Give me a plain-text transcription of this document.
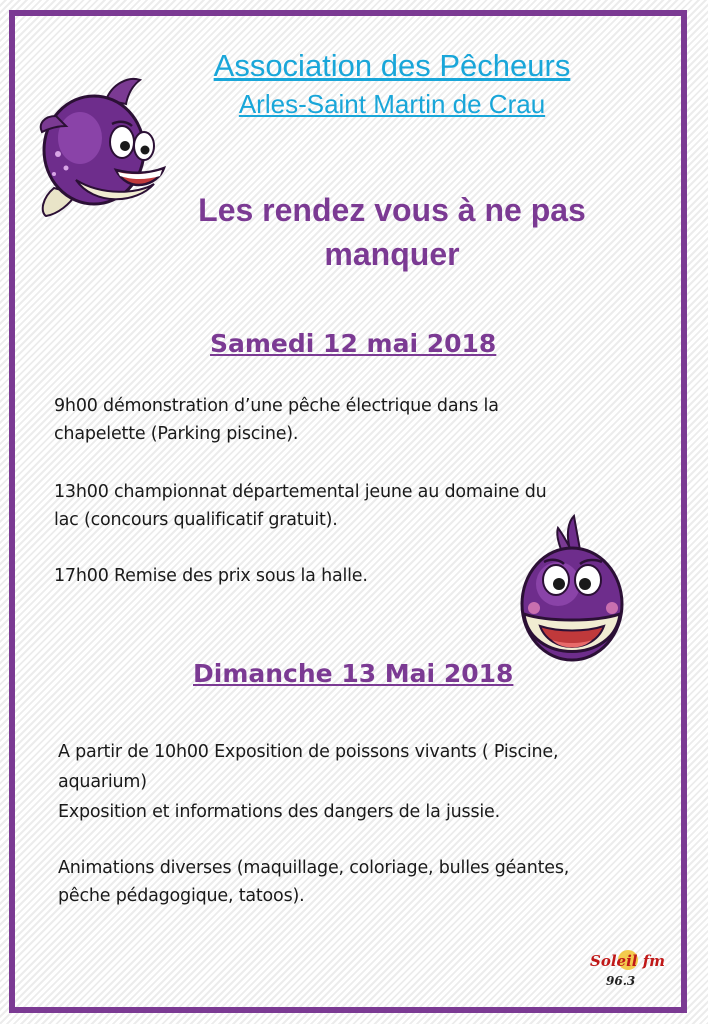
Association des Pêcheurs

Arles-Saint Martin de Crau

Les rendez vous à ne pas manquer

Samedi 12 mai 2018

9h00 démonstration d’une pêche électrique dans la

chapelette (Parking piscine).

13h00 championnat départemental jeune au domaine du

lac (concours qualificatif gratuit).

17h00 Remise des prix sous la halle.

Dimanche 13 Mai 2018

A partir de 10h00 Exposition de poissons vivants ( Piscine,

aquarium)

Exposition et informations des dangers de la jussie.

Animations diverses (maquillage, coloriage, bulles géantes,

pêche pédagogique, tatoos).

Soleil fm
96.3
